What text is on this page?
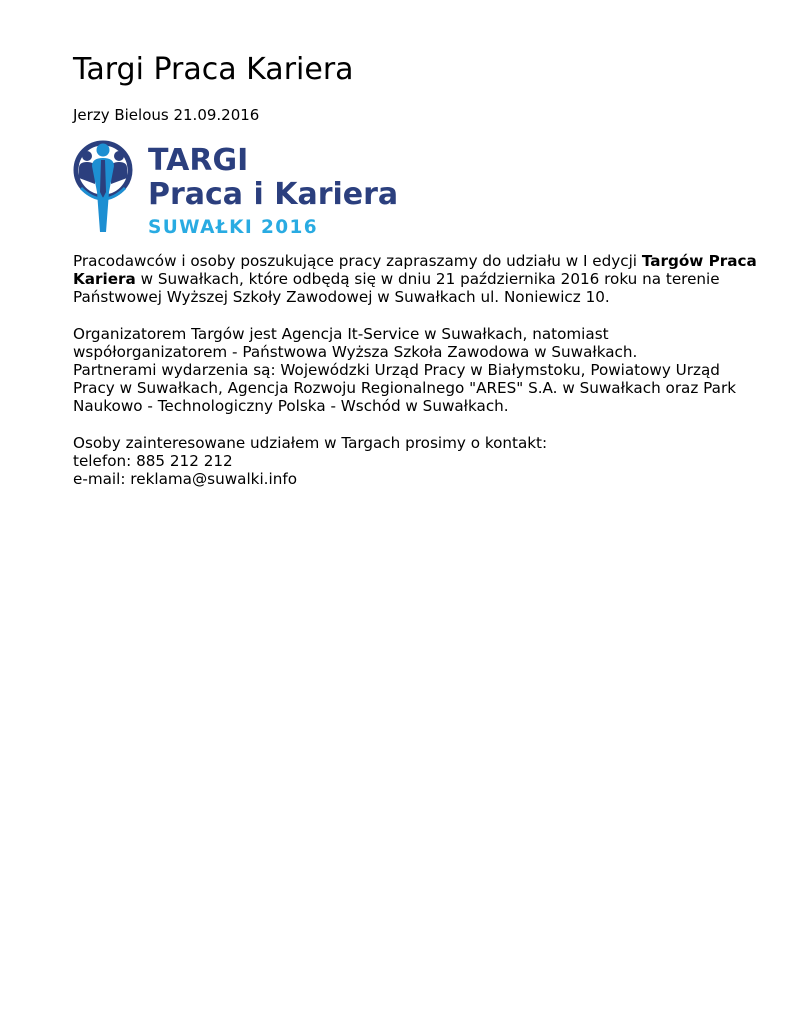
Targi Praca Kariera
Jerzy Bielous 21.09.2016
TARGI
Praca i Kariera
SUWAŁKI 2016

Pracodawców i osoby poszukujące pracy zapraszamy do udziału w I edycji Targów Praca Kariera w Suwałkach, które odbędą się w dniu 21 października 2016 roku na terenie Państwowej Wyższej Szkoły Zawodowej w Suwałkach ul. Noniewicz 10.

Organizatorem Targów jest Agencja It-Service w Suwałkach, natomiast współorganizatorem - Państwowa Wyższa Szkoła Zawodowa w Suwałkach.
Partnerami wydarzenia są: Wojewódzki Urząd Pracy w Białymstoku, Powiatowy Urząd Pracy w Suwałkach, Agencja Rozwoju Regionalnego "ARES" S.A. w Suwałkach oraz Park Naukowo - Technologiczny Polska - Wschód w Suwałkach.

Osoby zainteresowane udziałem w Targach prosimy o kontakt:
telefon: 885 212 212
e-mail: reklama@suwalki.info
